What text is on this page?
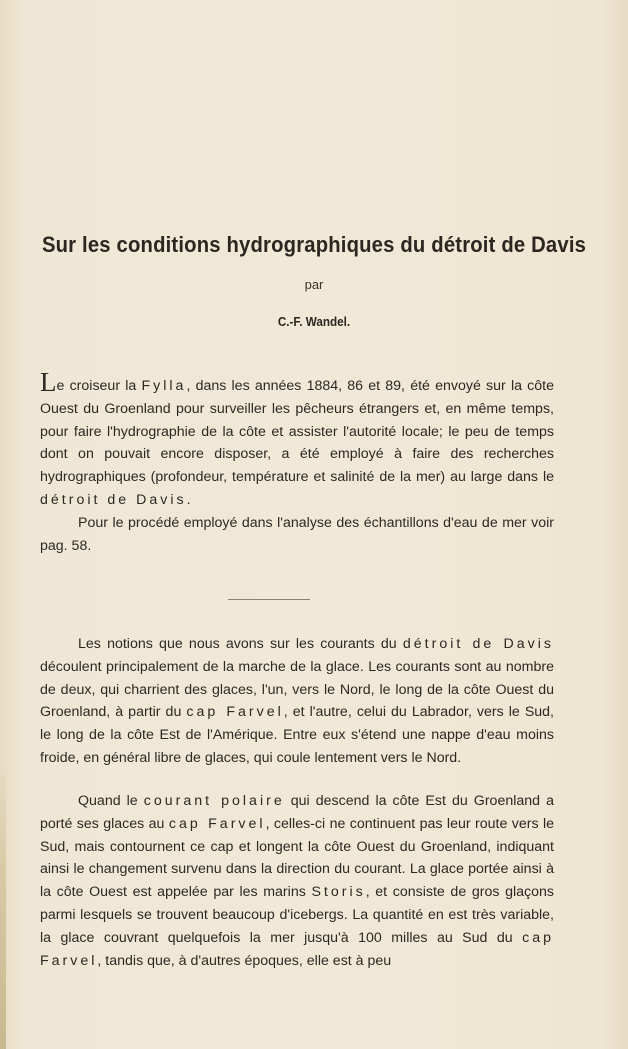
Sur les conditions hydrographiques du détroit de Davis
par
C.-F. Wandel.

Le croiseur la Fylla, dans les années 1884, 86 et 89, été envoyé sur la côte Ouest du Groenland pour surveiller les pêcheurs étrangers et, en même temps, pour faire l'hydrographie de la côte et assister l'autorité locale; le peu de temps dont on pouvait encore disposer, a été employé à faire des recherches hydrographiques (profondeur, température et salinité de la mer) au large dans le détroit de Davis.

Pour le procédé employé dans l'analyse des échantillons d'eau de mer voir pag. 58.

Les notions que nous avons sur les courants du détroit de Davis découlent principalement de la marche de la glace. Les courants sont au nombre de deux, qui charrient des glaces, l'un, vers le Nord, le long de la côte Ouest du Groenland, à partir du cap Farvel, et l'autre, celui du Labrador, vers le Sud, le long de la côte Est de l'Amérique. Entre eux s'étend une nappe d'eau moins froide, en général libre de glaces, qui coule lentement vers le Nord.

Quand le courant polaire qui descend la côte Est du Groenland a porté ses glaces au cap Farvel, celles-ci ne continuent pas leur route vers le Sud, mais contournent ce cap et longent la côte Ouest du Groenland, indiquant ainsi le changement survenu dans la direction du courant. La glace portée ainsi à la côte Ouest est appelée par les marins Storis, et consiste de gros glaçons parmi lesquels se trouvent beaucoup d'icebergs. La quantité en est très variable, la glace couvrant quelquefois la mer jusqu'à 100 milles au Sud du cap Farvel, tandis que, à d'autres époques, elle est à peu
